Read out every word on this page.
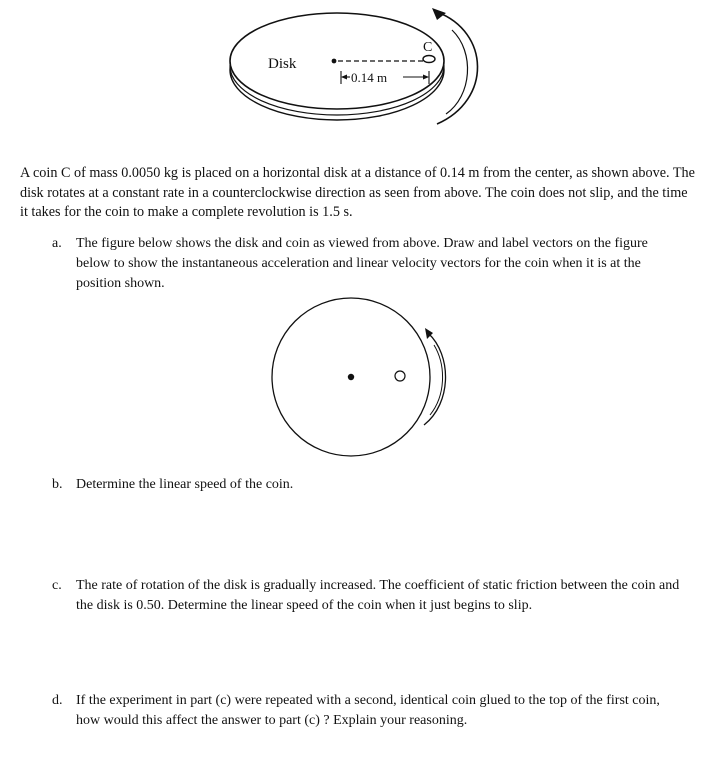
Disk
C
0.14 m

A coin C of mass 0.0050 kg is placed on a horizontal disk at a distance of 0.14 m from the center, as shown above. The disk rotates at a constant rate in a counterclockwise direction as seen from above. The coin does not slip, and the time it takes for the coin to make a complete revolution is 1.5 s.

a. The figure below shows the disk and coin as viewed from above. Draw and label vectors on the figure below to show the instantaneous acceleration and linear velocity vectors for the coin when it is at the position shown.
b. Determine the linear speed of the coin.
c. The rate of rotation of the disk is gradually increased. The coefficient of static friction between the coin and the disk is 0.50. Determine the linear speed of the coin when it just begins to slip.
d. If the experiment in part (c) were repeated with a second, identical coin glued to the top of the first coin, how would this affect the answer to part (c) ? Explain your reasoning.
